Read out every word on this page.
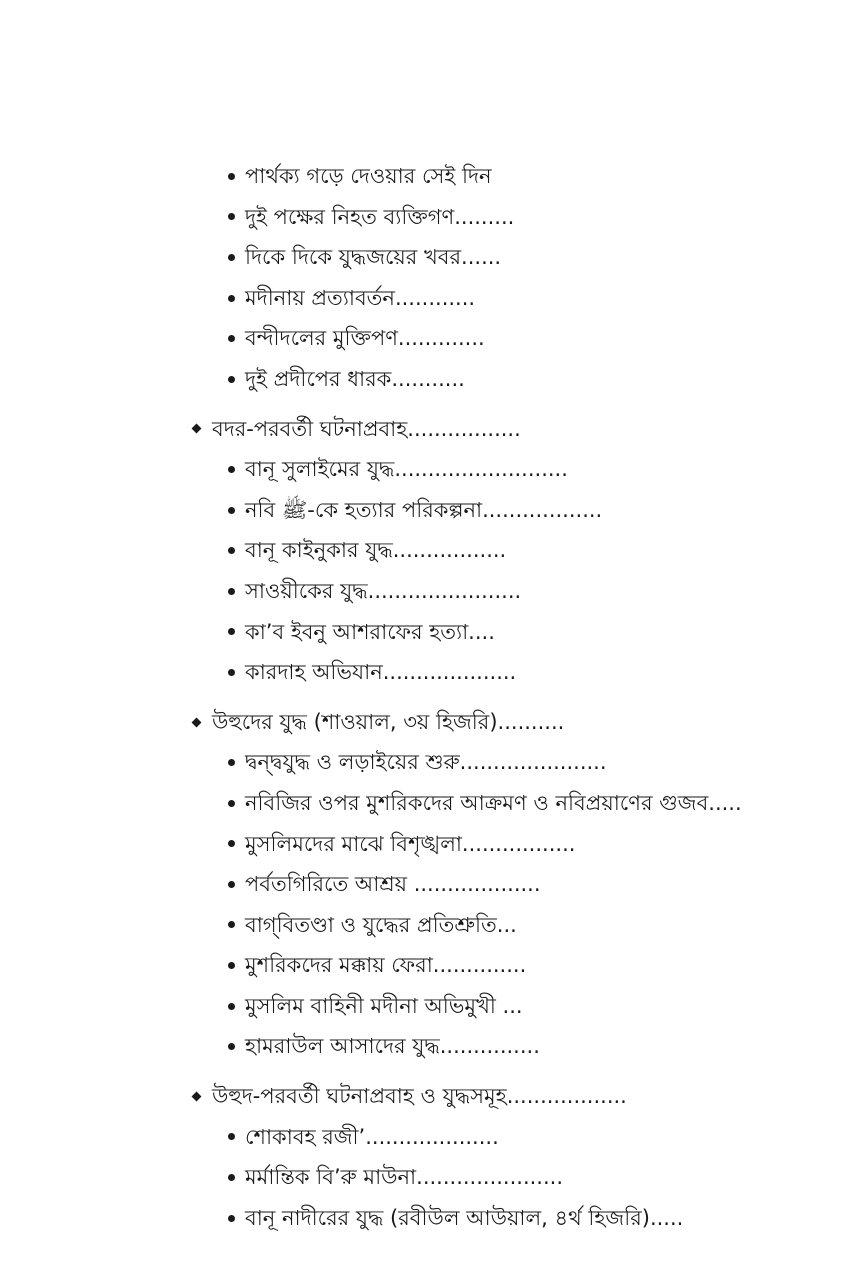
পার্থক্য গড়ে দেওয়ার সেই দিন
দুই পক্ষের নিহত ব্যক্তিগণ.........
দিকে দিকে যুদ্ধজয়ের খবর......
মদীনায় প্রত্যাবর্তন............
বন্দীদলের মুক্তিপণ.............
দুই প্রদীপের ধারক...........
বদর-পরবর্তী ঘটনাপ্রবাহ.................
বানূ সুলাইমের যুদ্ধ..........................
নবি ﷺ-কে হত্যার পরিকল্পনা..................
বানূ কাইনুকার যুদ্ধ.................
সাওয়ীকের যুদ্ধ.......................
কা’ব ইবনু আশরাফের হত্যা....
কারদাহ অভিযান....................
উহুদের যুদ্ধ (শাওয়াল, ৩য় হিজরি)..........
দ্বন্দ্বযুদ্ধ ও লড়াইয়ের শুরু......................
নবিজির ওপর মুশরিকদের আক্রমণ ও নবিপ্রয়াণের গুজব.....
মুসলিমদের মাঝে বিশৃঙ্খলা.................
পর্বতগিরিতে আশ্রয় ...................
বাগ্‌বিতণ্ডা ও যুদ্ধের প্রতিশ্রুতি...
মুশরিকদের মক্কায় ফেরা..............
মুসলিম বাহিনী মদীনা অভিমুখী ...
হামরাউল আসাদের যুদ্ধ...............
উহুদ-পরবর্তী ঘটনাপ্রবাহ ও যুদ্ধসমূহ..................
শোকাবহ রজী’....................
মর্মান্তিক বি’রু মাউনা......................
বানূ নাদীরের যুদ্ধ (রবীউল আউয়াল, ৪র্থ হিজরি).....
